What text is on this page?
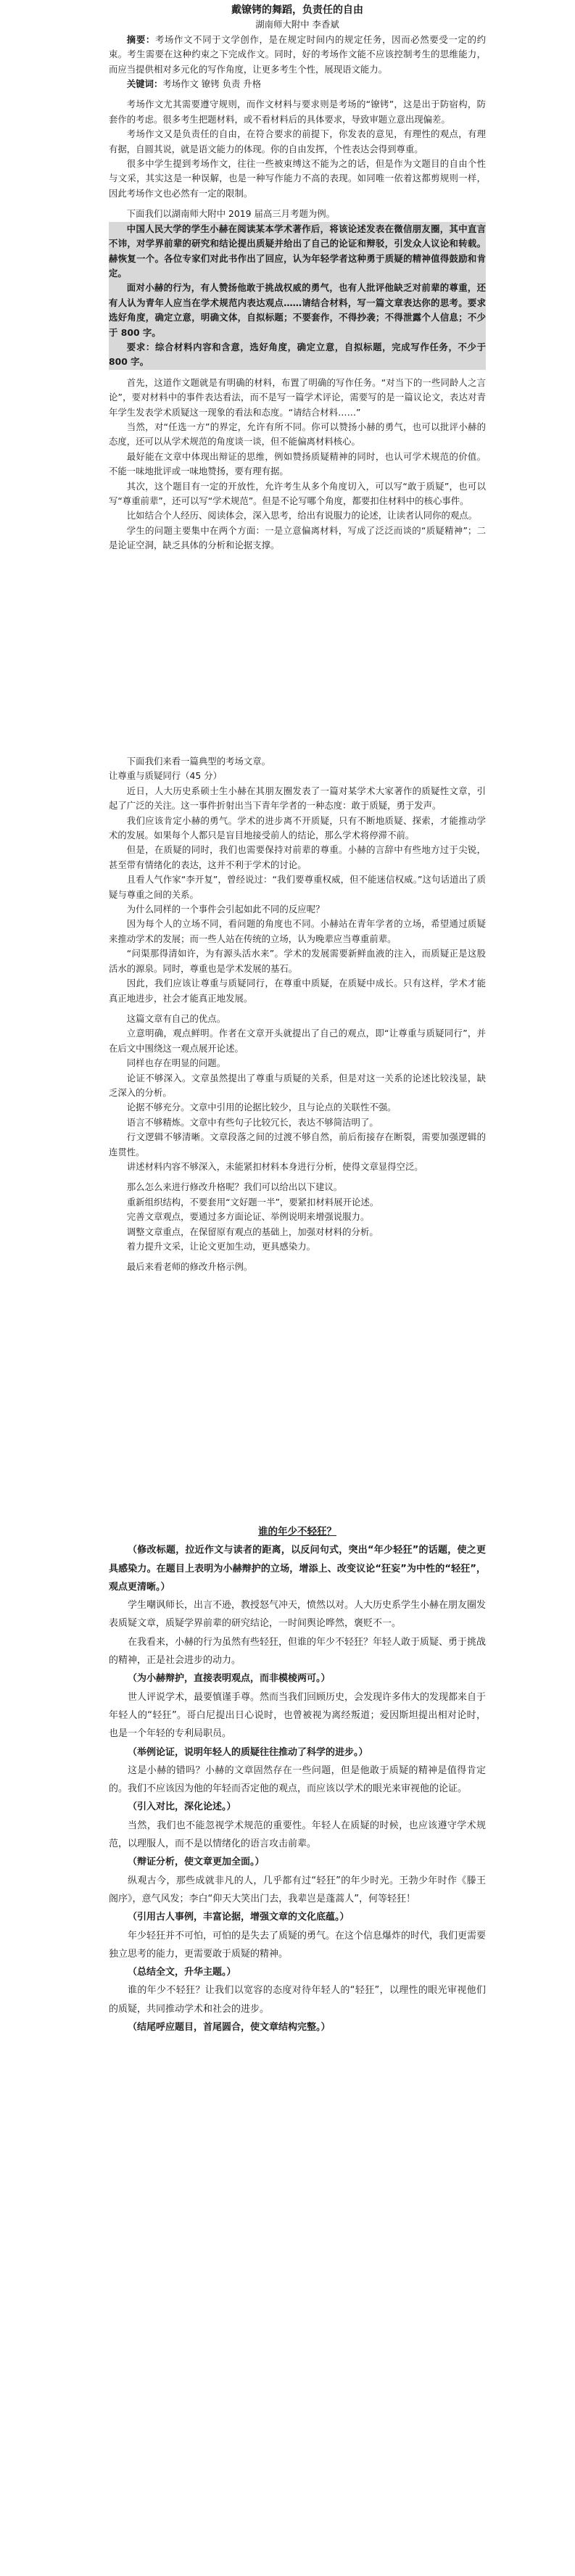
戴镣铐的舞蹈，负责任的自由
湖南师大附中 李香斌

摘要：考场作文不同于文学创作，是在规定时间内的规定任务，因而必然要受一定的约束。考生需要在这种约束之下完成作文。同时，好的考场作文能不应该控制考生的思维能力，而应当提供相对多元化的写作角度，让更多考生个性，展现语文能力。

关键词：考场作文 镣铐 负责 升格

考场作文尤其需要遵守规则，而作文材料与要求则是考场的“镣铐”，这是出于防宿构，防套作的考虑。很多考生把题材料，或不看材料后的具体要求，导致审题立意出现偏差。

考场作文又是负责任的自由，在符合要求的前提下，你发表的意见，有理性的观点，有理有据，自圆其说，就是语文能力的体现。你的自由发挥，个性表达会得到尊重。

很多中学生提到考场作文，往往一些被束缚这不能为之的话，但是作为文题目的自由个性与文采，其实这是一种误解，也是一种写作能力不高的表现。如同唯一依着这都剪规则一样，因此考场作文也必然有一定的限制。

下面我们以湖南师大附中 2019 届高三月考题为例。

中国人民大学的学生小赫在阅读某本学术著作后，将该论述发表在微信朋友圈，其中直言不讳，对学界前辈的研究和结论提出质疑并给出了自己的论证和辩驳，引发众人议论和转载。赫恢复一个。各位专家们对此书作出了回应，认为年轻学者这种勇于质疑的精神值得鼓励和肯定。

面对小赫的行为，有人赞扬他敢于挑战权威的勇气，也有人批评他缺乏对前辈的尊重，还有人认为青年人应当在学术规范内表达观点……请结合材料，写一篇文章表达你的思考。要求选好角度，确定立意，明确文体，自拟标题；不要套作，不得抄袭；不得泄露个人信息；不少于 800 字。

要求：综合材料内容和含意，选好角度，确定立意，自拟标题，完成写作任务，不少于 800 字。

首先，这道作文题就是有明确的材料，布置了明确的写作任务。“对当下的一些同龄人之言论”，要对材料中的事件表达看法，而不是写一篇学术评论，需要写的是一篇议论文，表达对青年学生发表学术质疑这一现象的看法和态度。“请结合材料……”

当然，对“任选一方”的界定，允许有所不同。你可以赞扬小赫的勇气，也可以批评小赫的态度，还可以从学术规范的角度谈一谈，但不能偏离材料核心。

最好能在文章中体现出辩证的思维，例如赞扬质疑精神的同时，也认可学术规范的价值。不能一味地批评或一味地赞扬，要有理有据。

其次，这个题目有一定的开放性，允许考生从多个角度切入，可以写“敢于质疑”，也可以写“尊重前辈”，还可以写“学术规范”。但是不论写哪个角度，都要扣住材料中的核心事件。

比如结合个人经历、阅读体会，深入思考，给出有说服力的论述，让读者认同你的观点。

学生的问题主要集中在两个方面：一是立意偏离材料，写成了泛泛而谈的“质疑精神”；二是论证空洞，缺乏具体的分析和论据支撑。

下面我们来看一篇典型的考场文章。

让尊重与质疑同行（45 分）

近日，人大历史系硕士生小赫在其朋友圈发表了一篇对某学术大家著作的质疑性文章，引起了广泛的关注。这一事件折射出当下青年学者的一种态度：敢于质疑，勇于发声。

我们应该肯定小赫的勇气。学术的进步离不开质疑，只有不断地质疑、探索，才能推动学术的发展。如果每个人都只是盲目地接受前人的结论，那么学术将停滞不前。

但是，在质疑的同时，我们也需要保持对前辈的尊重。小赫的言辞中有些地方过于尖锐，甚至带有情绪化的表达，这并不利于学术的讨论。

且看人气作家“李开复”，曾经说过：“我们要尊重权威，但不能迷信权威。”这句话道出了质疑与尊重之间的关系。

为什么同样的一个事件会引起如此不同的反应呢？

因为每个人的立场不同，看问题的角度也不同。小赫站在青年学者的立场，希望通过质疑来推动学术的发展；而一些人站在传统的立场，认为晚辈应当尊重前辈。

“问渠那得清如许，为有源头活水来”。学术的发展需要新鲜血液的注入，而质疑正是这股活水的源泉。同时，尊重也是学术发展的基石。

因此，我们应该让尊重与质疑同行，在尊重中质疑，在质疑中成长。只有这样，学术才能真正地进步，社会才能真正地发展。

这篇文章有自己的优点。

立意明确，观点鲜明。作者在文章开头就提出了自己的观点，即“让尊重与质疑同行”，并在后文中围绕这一观点展开论述。

同样也存在明显的问题。

论证不够深入。文章虽然提出了尊重与质疑的关系，但是对这一关系的论述比较浅显，缺乏深入的分析。

论据不够充分。文章中引用的论据比较少，且与论点的关联性不强。

语言不够精炼。文章中有些句子比较冗长，表达不够简洁明了。

行文逻辑不够清晰。文章段落之间的过渡不够自然，前后衔接存在断裂，需要加强逻辑的连贯性。

讲述材料内容不够深入，未能紧扣材料本身进行分析，使得文章显得空泛。

那么怎么来进行修改升格呢？我们可以给出以下建议。

重新组织结构，不要套用“文好题一半”，要紧扣材料展开论述。

完善文章观点，要通过多方面论证、举例说明来增强说服力。

调整文章重点，在保留原有观点的基础上，加强对材料的分析。

着力提升文采，让论文更加生动，更具感染力。

最后来看老师的修改升格示例。

谁的年少不轻狂？

（修改标题，拉近作文与读者的距离，以反问句式，突出“年少轻狂”的话题，使之更具感染力。在题目上表明为小赫辩护的立场，增添上、改变议论“狂妄”为中性的“轻狂”，观点更清晰。）

学生嘲讽师长，出言不逊，教授怒气冲天，愤然以对。人大历史系学生小赫在朋友圈发表质疑文章，质疑学界前辈的研究结论，一时间舆论哗然，褒贬不一。

在我看来，小赫的行为虽然有些轻狂，但谁的年少不轻狂？年轻人敢于质疑、勇于挑战的精神，正是社会进步的动力。

（为小赫辩护，直接表明观点，而非模棱两可。）

世人评说学术，最要慎谨手尊。然而当我们回顾历史，会发现许多伟大的发现都来自于年轻人的“轻狂”。哥白尼提出日心说时，也曾被视为离经叛道；爱因斯坦提出相对论时，也是一个年轻的专利局职员。

（举例论证，说明年轻人的质疑往往推动了科学的进步。）

这是小赫的错吗？小赫的文章固然存在一些问题，但是他敢于质疑的精神是值得肯定的。我们不应该因为他的年轻而否定他的观点，而应该以学术的眼光来审视他的论证。

（引入对比，深化论述。）

当然，我们也不能忽视学术规范的重要性。年轻人在质疑的时候，也应该遵守学术规范，以理服人，而不是以情绪化的语言攻击前辈。

（辩证分析，使文章更加全面。）

纵观古今，那些成就非凡的人，几乎都有过“轻狂”的年少时光。王勃少年时作《滕王阁序》，意气风发；李白“仰天大笑出门去，我辈岂是蓬蒿人”，何等轻狂！

（引用古人事例，丰富论据，增强文章的文化底蕴。）

年少轻狂并不可怕，可怕的是失去了质疑的勇气。在这个信息爆炸的时代，我们更需要独立思考的能力，更需要敢于质疑的精神。

（总结全文，升华主题。）

谁的年少不轻狂？让我们以宽容的态度对待年轻人的“轻狂”，以理性的眼光审视他们的质疑，共同推动学术和社会的进步。

（结尾呼应题目，首尾圆合，使文章结构完整。）
